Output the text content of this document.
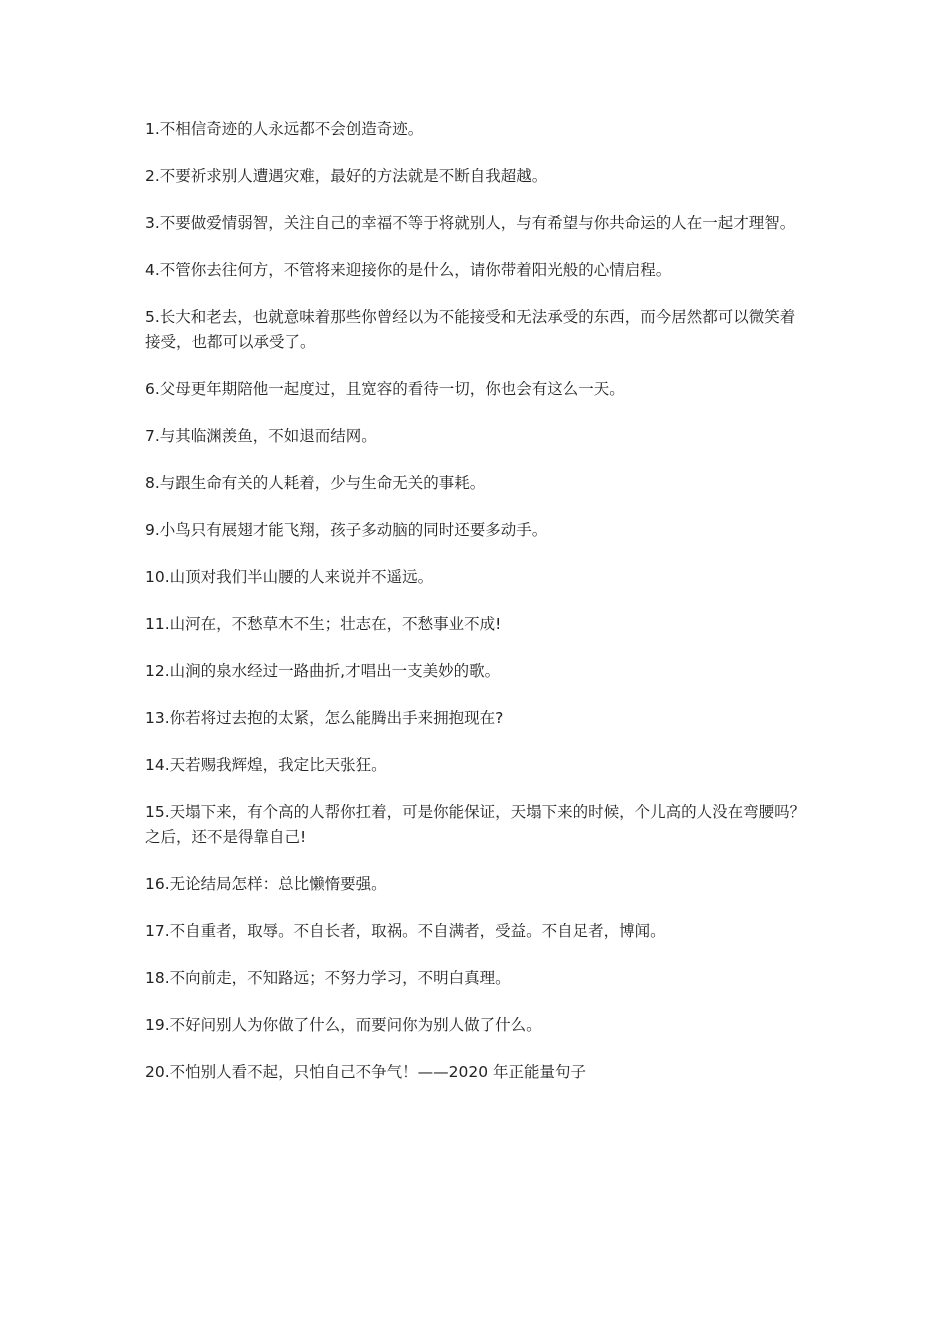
1.不相信奇迹的人永远都不会创造奇迹。

2.不要祈求别人遭遇灾难，最好的方法就是不断自我超越。

3.不要做爱情弱智，关注自己的幸福不等于将就别人，与有希望与你共命运的人在一起才理智。

4.不管你去往何方，不管将来迎接你的是什么，请你带着阳光般的心情启程。

5.长大和老去，也就意味着那些你曾经以为不能接受和无法承受的东西，而今居然都可以微笑着接受，也都可以承受了。

6.父母更年期陪他一起度过，且宽容的看待一切，你也会有这么一天。

7.与其临渊羡鱼，不如退而结网。

8.与跟生命有关的人耗着，少与生命无关的事耗。

9.小鸟只有展翅才能飞翔，孩子多动脑的同时还要多动手。

10.山顶对我们半山腰的人来说并不遥远。

11.山河在，不愁草木不生；壮志在，不愁事业不成!

12.山涧的泉水经过一路曲折,才唱出一支美妙的歌。

13.你若将过去抱的太紧，怎么能腾出手来拥抱现在?

14.天若赐我辉煌，我定比天张狂。

15.天塌下来，有个高的人帮你扛着，可是你能保证，天塌下来的时候，个儿高的人没在弯腰吗？之后，还不是得靠自己!

16.无论结局怎样：总比懒惰要强。

17.不自重者，取辱。不自长者，取祸。不自满者，受益。不自足者，博闻。

18.不向前走，不知路远；不努力学习，不明白真理。

19.不好问别人为你做了什么，而要问你为别人做了什么。

20.不怕别人看不起，只怕自己不争气！——2020 年正能量句子
